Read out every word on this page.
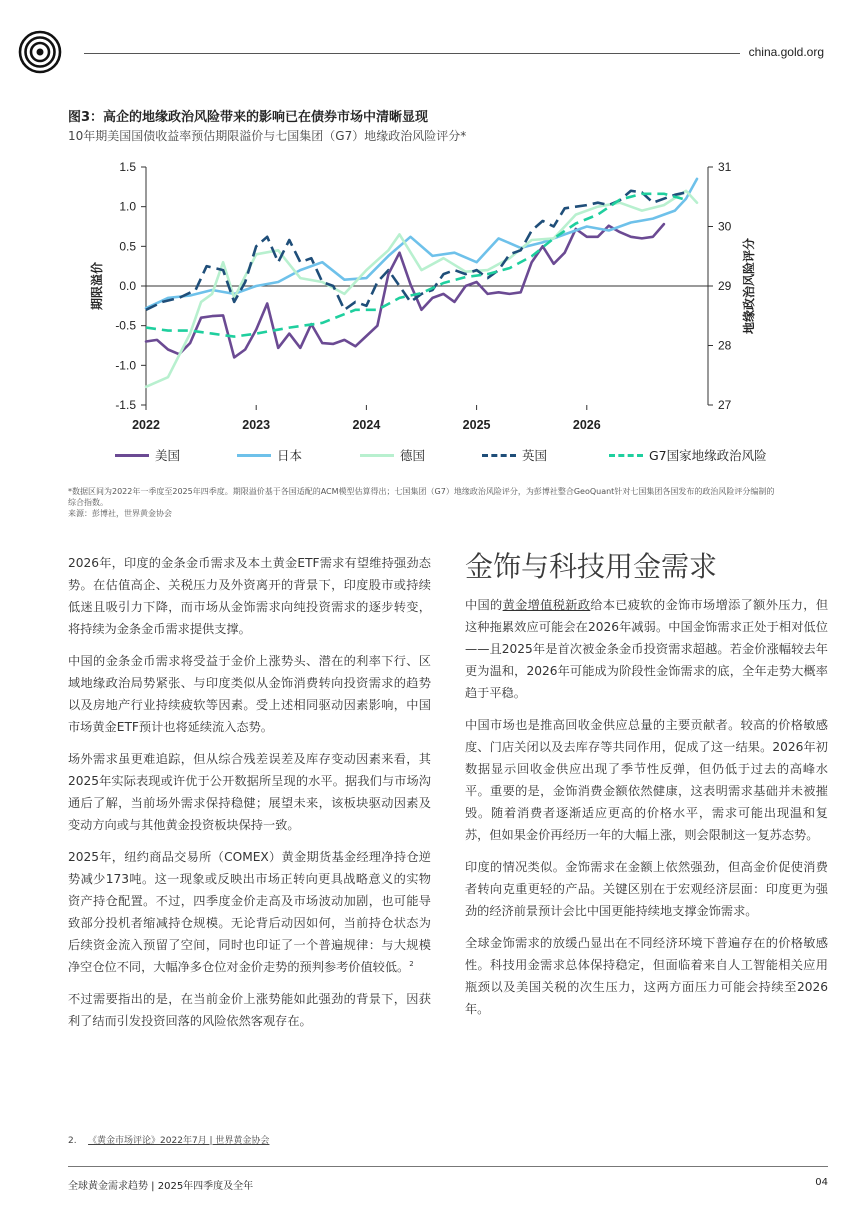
china.gold.org
图3：高企的地缘政治风险带来的影响已在债券市场中清晰显现
10年期美国国债收益率预估期限溢价与七国集团（G7）地缘政治风险评分*
1.5
1.0
0.5
0.0
-0.5
-1.0
-1.5
31
30
29
28
27
2022	2023	2024	2025	2026
期限溢价	地缘政治风险评分
美国	日本	德国	英国	G7国家地缘政治风险

*数据区间为2022年一季度至2025年四季度。期限溢价基于各国适配的ACM模型估算得出；七国集团（G7）地缘政治风险评分，为彭博社整合GeoQuant针对七国集团各国发布的政治风险评分编制的

综合指数。

来源：彭博社，世界黄金协会

2026年，印度的金条金币需求及本土黄金ETF需求有望维持强劲态势。在估值高企、关税压力及外资离开的背景下，印度股市或持续低迷且吸引力下降，而市场从金饰需求向纯投资需求的逐步转变，将持续为金条金币需求提供支撑。

中国的金条金币需求将受益于金价上涨势头、潜在的利率下行、区域地缘政治局势紧张、与印度类似从金饰消费转向投资需求的趋势以及房地产行业持续疲软等因素。受上述相同驱动因素影响，中国市场黄金ETF预计也将延续流入态势。

场外需求虽更难追踪，但从综合残差误差及库存变动因素来看，其2025年实际表现或许优于公开数据所呈现的水平。据我们与市场沟通后了解，当前场外需求保持稳健；展望未来，该板块驱动因素及变动方向或与其他黄金投资板块保持一致。

2025年，纽约商品交易所（COMEX）黄金期货基金经理净持仓逆势减少173吨。这一现象或反映出市场正转向更具战略意义的实物资产持仓配置。不过，四季度金价走高及市场波动加剧，也可能导致部分投机者缩减持仓规模。无论背后动因如何，当前持仓状态为后续资金流入预留了空间，同时也印证了一个普遍规律：与大规模净空仓位不同，大幅净多仓位对金价走势的预判参考价值较低。$^2$

不过需要指出的是，在当前金价上涨势能如此强劲的背景下，因获利了结而引发投资回落的风险依然客观存在。

金饰与科技用金需求

中国的黄金增值税新政给本已疲软的金饰市场增添了额外压力，但这种拖累效应可能会在2026年减弱。中国金饰需求正处于相对低位——且2025年是首次被金条金币投资需求超越。若金价涨幅较去年更为温和，2026年可能成为阶段性金饰需求的底，全年走势大概率趋于平稳。

中国市场也是推高回收金供应总量的主要贡献者。较高的价格敏感度、门店关闭以及去库存等共同作用，促成了这一结果。2026年初数据显示回收金供应出现了季节性反弹，但仍低于过去的高峰水平。重要的是，金饰消费金额依然健康，这表明需求基础并未被摧毁。随着消费者逐渐适应更高的价格水平，需求可能出现温和复苏，但如果金价再经历一年的大幅上涨，则会限制这一复苏态势。

印度的情况类似。金饰需求在金额上依然强劲，但高金价促使消费者转向克重更轻的产品。关键区别在于宏观经济层面：印度更为强劲的经济前景预计会比中国更能持续地支撑金饰需求。

全球金饰需求的放缓凸显出在不同经济环境下普遍存在的价格敏感性。科技用金需求总体保持稳定，但面临着来自人工智能相关应用瓶颈以及美国关税的次生压力，这两方面压力可能会持续至2026年。

2. 《黄金市场评论》2022年7月 | 世界黄金协会
全球黄金需求趋势 | 2025年四季度及全年	04
